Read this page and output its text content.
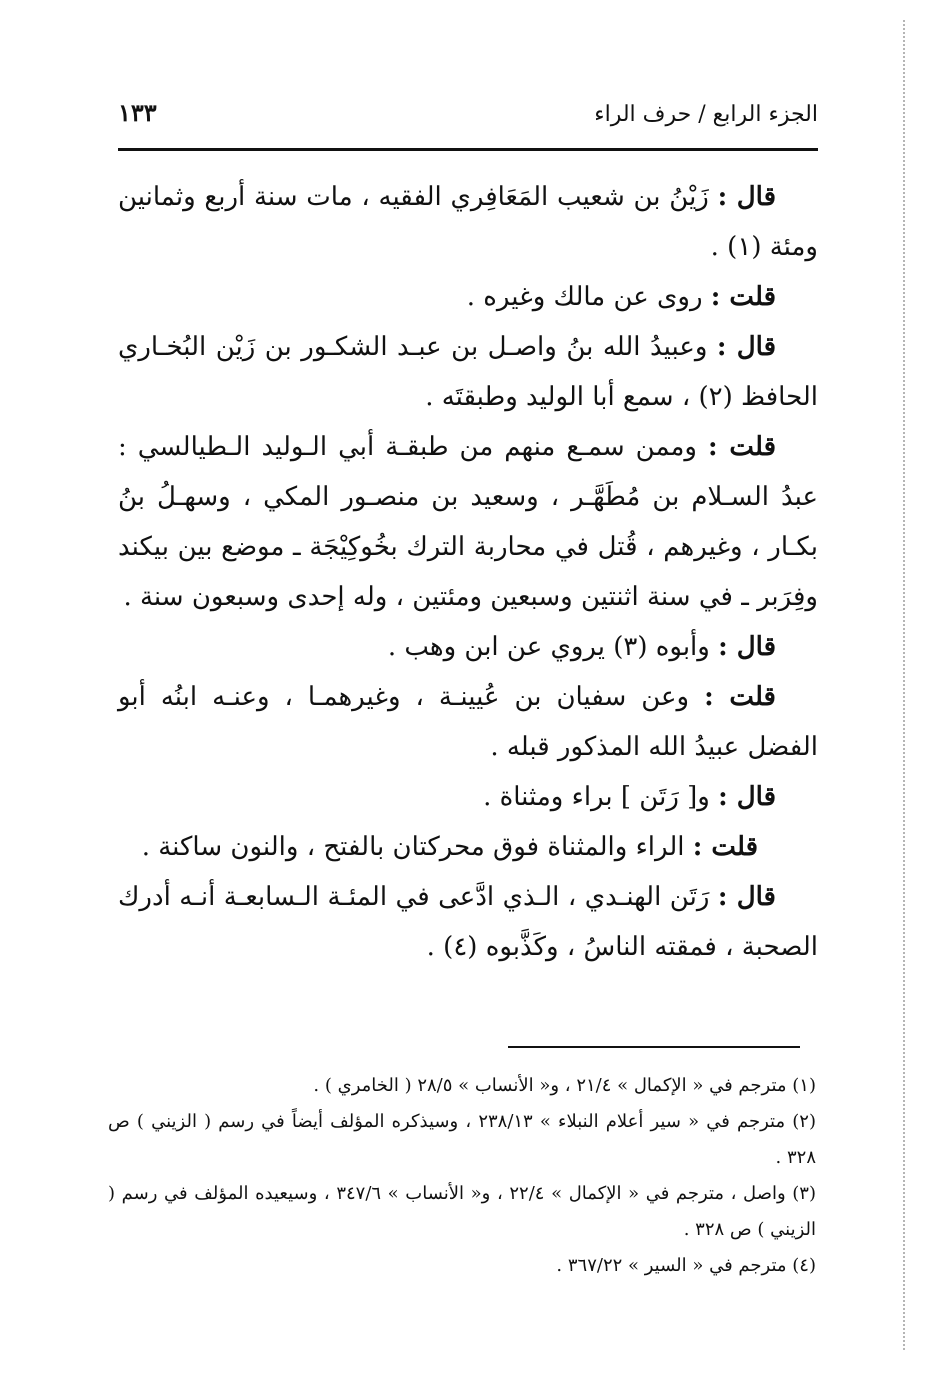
الجزء الرابع / حرف الراء
١٣٣

قال : زَيْنُ بن شعيب المَعَافِري الفقيه ، مات سنة أربع وثمانين ومئة (١) .

قلت : روى عن مالك وغيره .

قال : وعبيدُ الله بنُ واصـل بن عبـد الشكـور بن زَيْن البُخـاري الحافظ (٢) ، سمع أبا الوليد وطبقتَه .

قلت : وممن سمـع منهم من طبقـة أبي الـوليد الـطيالسي : عبدُ السـلام بن مُطَهَّـر ، وسعيد بن منصـور المكي ، وسهـلُ بنُ بكـار ، وغيرهم ، قُتل في محاربة الترك بخُوكِيْجَة ـ موضع بين بيكند وفِرَبر ـ في سنة اثنتين وسبعين ومئتين ، وله إحدى وسبعون سنة .

قال : وأبوه (٣) يروي عن ابن وهب .

قلت : وعن سفيان بن عُيينـة ، وغيرهمـا ، وعنـه ابنُه أبو الفضل عبيدُ الله المذكور قبله .

قال : و[ رَتَن ] براء ومثناة .

قلت : الراء والمثناة فوق محركتان بالفتح ، والنون ساكنة .

قال : رَتَن الهنـدي ، الـذي ادَّعى في المئـة الـسابعـة أنـه أدرك الصحبة ، فمقته الناسُ ، وكَذَّبوه (٤) .

(١) مترجم في « الإكمال » ٢١/٤ ، و« الأنساب » ٢٨/٥ ( الخامري ) .

(٢) مترجم في « سير أعلام النبلاء » ٢٣٨/١٣ ، وسيذكره المؤلف أيضاً في رسم ( الزيني ) ص ٣٢٨ .

(٣) واصل ، مترجم في « الإكمال » ٢٢/٤ ، و« الأنساب » ٣٤٧/٦ ، وسيعيده المؤلف في رسم ( الزيني ) ص ٣٢٨ .

(٤) مترجم في « السير » ٣٦٧/٢٢ .
